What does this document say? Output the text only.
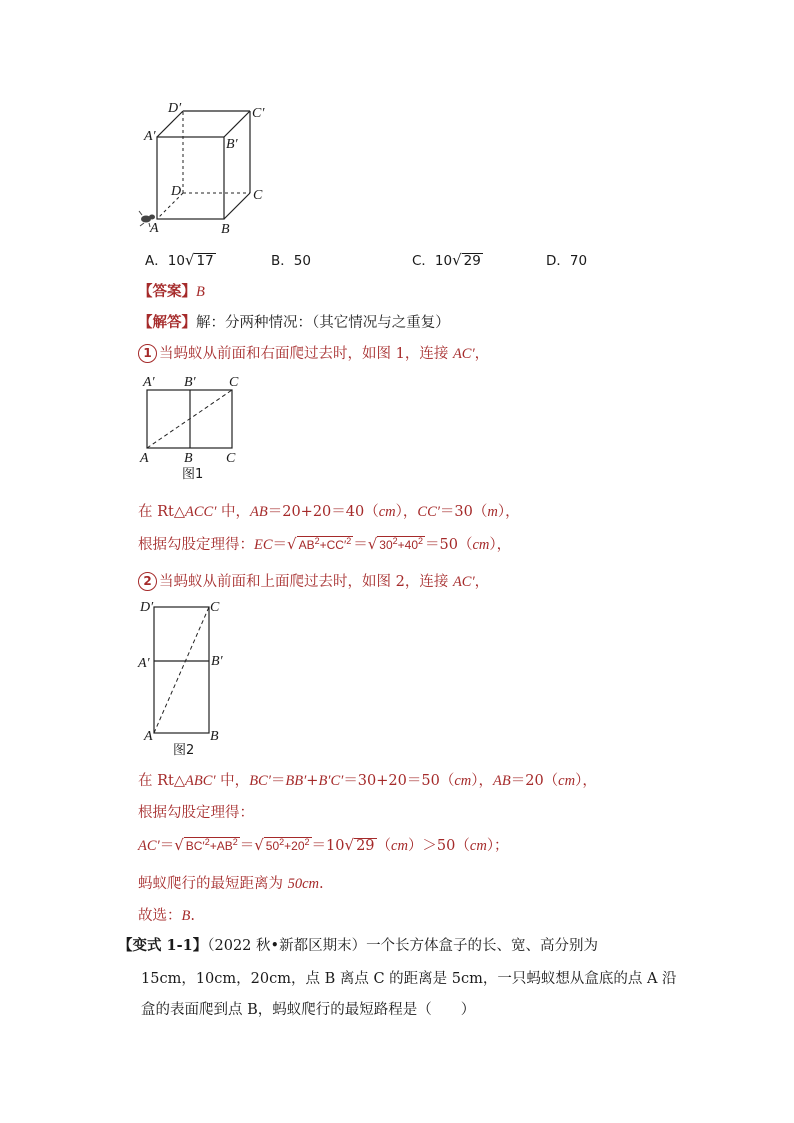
D′	C′
A′
B′
D	C
A	B
A．10√ 17	B．50	C．10√ 29	D．70
【答案】B
【解答】解：分两种情况：（其它情况与之重复）
1 当蚂蚁从前面和右面爬过去时，如图 1，连接 AC′，
A′ B′ C
A	B C
图1
在 Rt△ACC′ 中，AB＝20+20＝40（cm），CC′＝30（m），
根据勾股定理得：EC＝√ $AB^2+CC'^2$ ＝√ $30^2+40^2 =50(cm)$，
2 当蚂蚁从前面和上面爬过去时，如图 2，连接 AC′，
D′	C
A′	B′
A	B
图2
在 Rt△ABC′ 中，BC′＝BB′+B′C′＝30+20＝50（cm），AB＝20（cm），
根据勾股定理得：
AC′＝√ $BC'^2+AB^2$ ＝√ $50^2+20^2 =10√$ 29 （cm）＞50（cm）；
蚂蚁爬行的最短距离为 50cm.
故选：B.
【变式 1-1】（2022 秋•新都区期末）一个长方体盒子的长、宽、高分别为
15cm，10cm，20cm，点 B 离点 C 的距离是 5cm，一只蚂蚁想从盒底的点 A 沿
盒的表面爬到点 B，蚂蚁爬行的最短路程是（　　）
